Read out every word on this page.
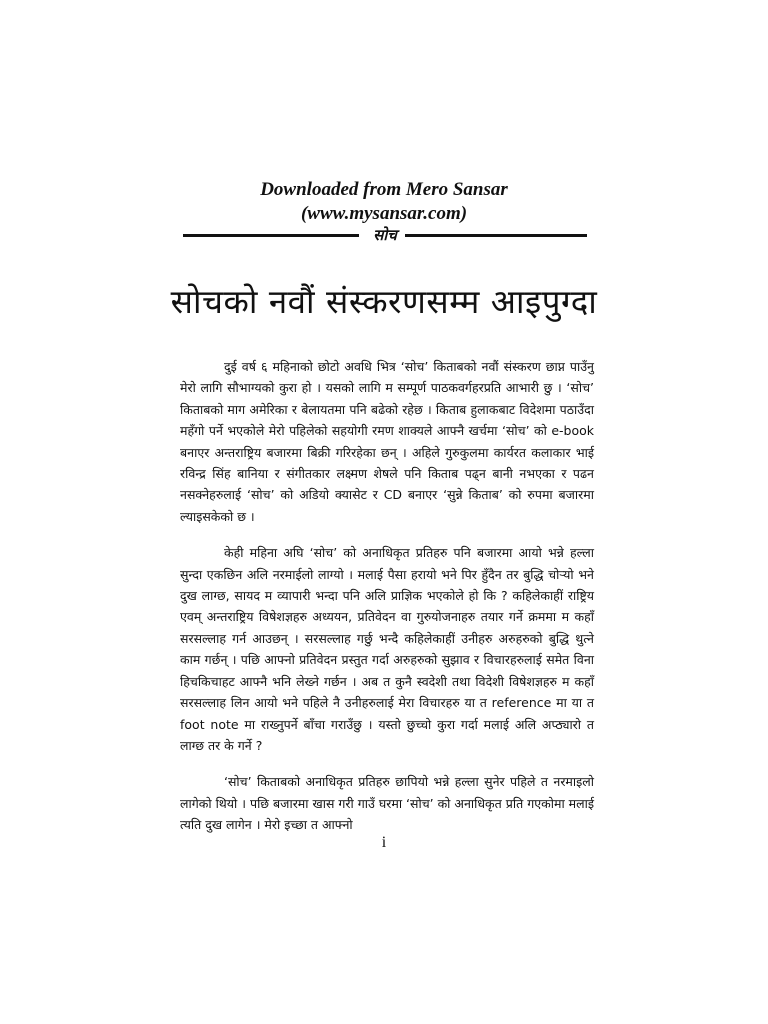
Downloaded from Mero Sansar
(www.mysansar.com)
सोच
सोचको नवौं संस्करणसम्म आइपुग्दा

दुई वर्ष ६ महिनाको छोटो अवधि भित्र ‘सोच’ किताबको नवौं संस्करण छाप्न पाउँनु मेरो लागि सौभाग्यको कुरा हो । यसको लागि म सम्पूर्ण पाठकवर्गहरप्रति आभारी छु । ‘सोच’ किताबको माग अमेरिका र बेलायतमा पनि बढेको रहेछ । किताब हुलाकबाट विदेशमा पठाउँदा महँगो पर्ने भएकोले मेरो पहिलेको सहयोगी रमण शाक्यले आफ्नै खर्चमा ‘सोच’ को e-book बनाएर अन्तराष्ट्रिय बजारमा बिक्री गरिरहेका छन् । अहिले गुरुकुलमा कार्यरत कलाकार भाई रविन्द्र सिंह बानिया र संगीतकार लक्ष्मण शेषले पनि किताब पढ्न बानी नभएका र पढन नसक्नेहरुलाई ‘सोच’ को अडियो क्यासेट र CD बनाएर ‘सुन्ने किताब’ को रुपमा बजारमा ल्याइसकेको छ ।

केही महिना अघि ‘सोच’ को अनाधिकृत प्रतिहरु पनि बजारमा आयो भन्ने हल्ला सुन्दा एकछिन अलि नरमाईलो लाग्यो । मलाई पैसा हरायो भने पिर हुँदैन तर बुद्धि चोर्‍यो भने दुख लाग्छ, सायद म व्यापारी भन्दा पनि अलि प्राज्ञिक भएकोले हो कि ? कहिलेकाहीं राष्ट्रिय एवम् अन्तराष्ट्रिय विषेशज्ञहरु अध्ययन, प्रतिवेदन वा गुरुयोजनाहरु तयार गर्ने क्रममा म कहाँ सरसल्लाह गर्न आउछन् । सरसल्लाह गर्छु भन्दै कहिलेकाहीं उनीहरु अरुहरुको बुद्धि थुत्ने काम गर्छन् । पछि आफ्नो प्रतिवेदन प्रस्तुत गर्दा अरुहरुको सुझाव र विचारहरुलाई समेत विना हिचकिचाहट आफ्नै भनि लेख्ने गर्छन । अब त कुनै स्वदेशी तथा विदेशी विषेशज्ञहरु म कहाँ सरसल्लाह लिन आयो भने पहिले नै उनीहरुलाई मेरा विचारहरु या त reference मा या त foot note मा राख्नुपर्ने बाँचा गराउँछु । यस्तो छुच्चो कुरा गर्दा मलाई अलि अप्ठ्यारो त लाग्छ तर के गर्ने ?

‘सोच’ किताबको अनाधिकृत प्रतिहरु छापियो भन्ने हल्ला सुनेर पहिले त नरमाइलो लागेको थियो । पछि बजारमा खास गरी गाउँ घरमा ‘सोच’ को अनाधिकृत प्रति गएकोमा मलाई त्यति दुख लागेन । मेरो इच्छा त आफ्नो

i
